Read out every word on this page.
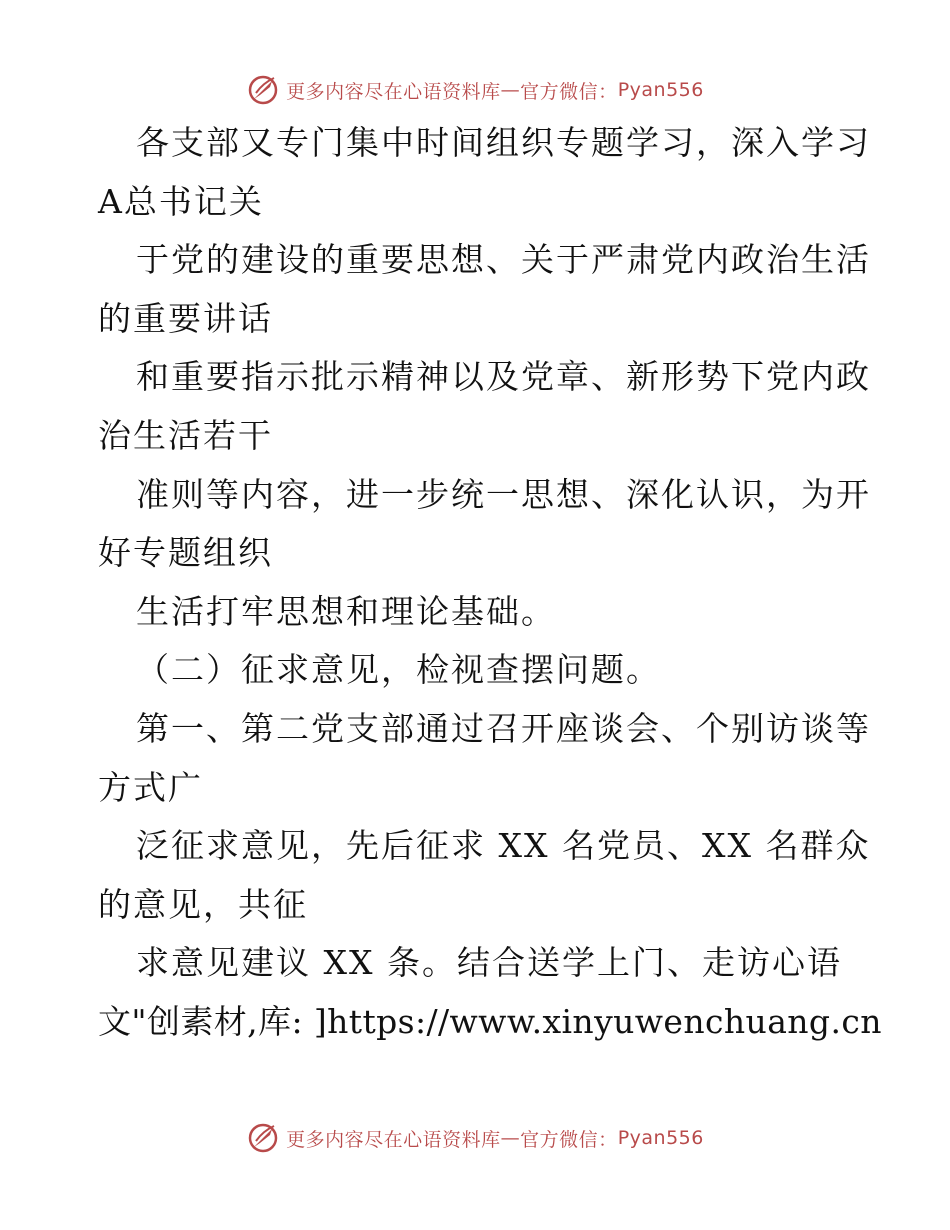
更多内容尽在心语资料库 — 官方微信： Pyan556
各支部又专门集中时间组织专题学习，深入学习
A总书记关
于党的建设的重要思想、关于严肃党内政治生活
的重要讲话
和重要指示批示精神以及党章、新形势下党内政
治生活若干
准则等内容，进一步统一思想、深化认识，为开
好专题组织
生活打牢思想和理论基础。
（二）征求意见，检视查摆问题。
第一、第二党支部通过召开座谈会、个别访谈等
方式广
泛征求意见，先后征求 XX 名党员、XX 名群众
的意见，共征
求意见建议 XX 条。结合送学上门、走访心语
文"创素材,库: ]https://www.xinyuwenchuang.cn
更多内容尽在心语资料库 — 官方微信： Pyan556
